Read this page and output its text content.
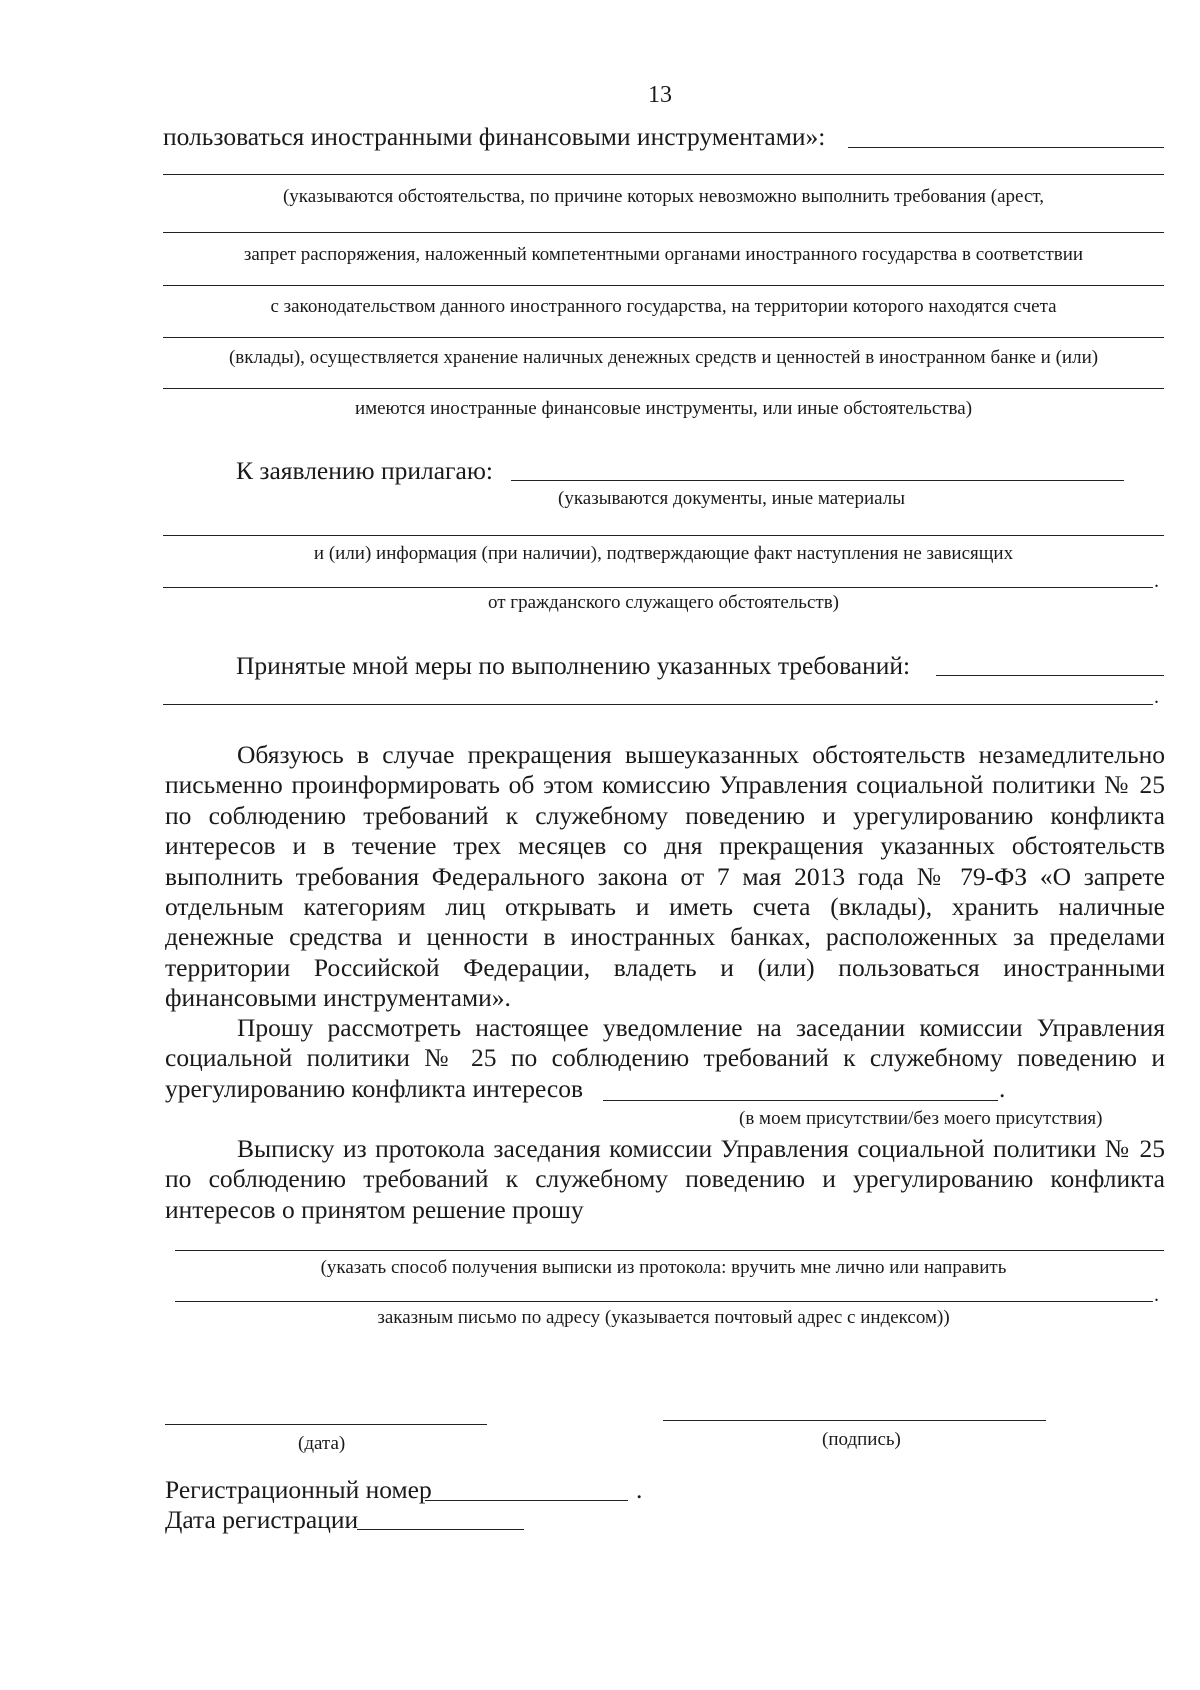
13
пользоваться иностранными финансовыми инструментами»:
(указываются обстоятельства, по причине которых невозможно выполнить требования (арест,
запрет распоряжения, наложенный компетентными органами иностранного государства в соответствии
с законодательством данного иностранного государства, на территории которого находятся счета
(вклады), осуществляется хранение наличных денежных средств и ценностей в иностранном банке и (или)
имеются иностранные финансовые инструменты, или иные обстоятельства)
К заявлению прилагаю:
(указываются документы, иные материалы
и (или) информация (при наличии), подтверждающие факт наступления не зависящих
.
от гражданского служащего обстоятельств)
Принятые мной меры по выполнению указанных требований:
.
Обязуюсь в случае прекращения вышеуказанных обстоятельств незамедлительно
письменно проинформировать об этом комиссию Управления социальной политики № 25
по соблюдению требований к служебному поведению и урегулированию конфликта
интересов и в течение трех месяцев со дня прекращения указанных обстоятельств
выполнить требования Федерального закона от 7 мая 2013 года № 79-ФЗ «О запрете
отдельным категориям лиц открывать и иметь счета (вклады), хранить наличные
денежные средства и ценности в иностранных банках, расположенных за пределами
территории Российской Федерации, владеть и (или) пользоваться иностранными
финансовыми инструментами».
Прошу рассмотреть настоящее уведомление на заседании комиссии Управления
социальной политики № 25 по соблюдению требований к служебному поведению и
урегулированию конфликта интересов	.
(в моем присутствии/без моего присутствия)
Выписку из протокола заседания комиссии Управления социальной политики № 25
по соблюдению требований к служебному поведению и урегулированию конфликта
интересов о принятом решение прошу
(указать способ получения выписки из протокола: вручить мне лично или направить
.
заказным письмо по адресу (указывается почтовый адрес с индексом))
(дата)	(подпись)
Регистрационный номер	.
Дата регистрации
